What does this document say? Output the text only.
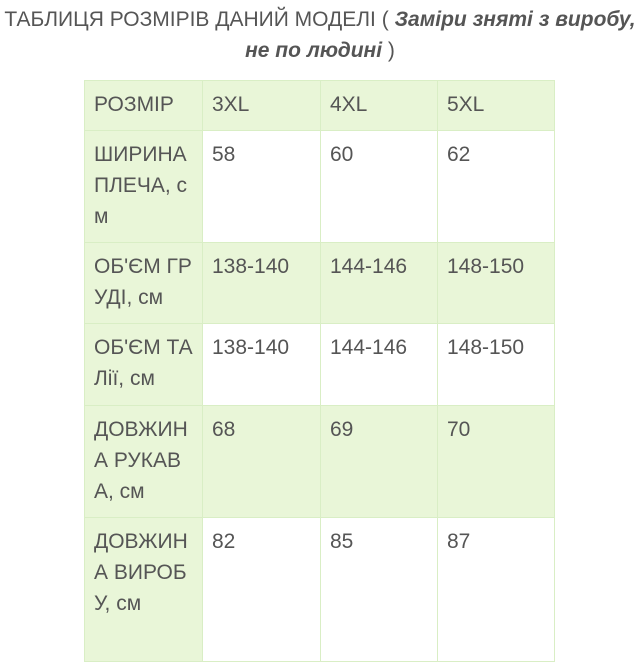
ТАБЛИЦЯ РОЗМІРІВ ДАНИЙ МОДЕЛІ ( Заміри зняті з виробу, не по людині )
РОЗМІР	3XL	4XL	5XL
ШИРИНА ПЛЕЧА, см	58	60	62
ОБ'ЄМ ГРУДІ, см	138-140	144-146	148-150
ОБ'ЄМ ТАЛії, см	138-140	144-146	148-150
ДОВЖИН А РУКАВ А, см	68	69	70
ДОВЖИН А ВИРОБУ, см	82	85	87
